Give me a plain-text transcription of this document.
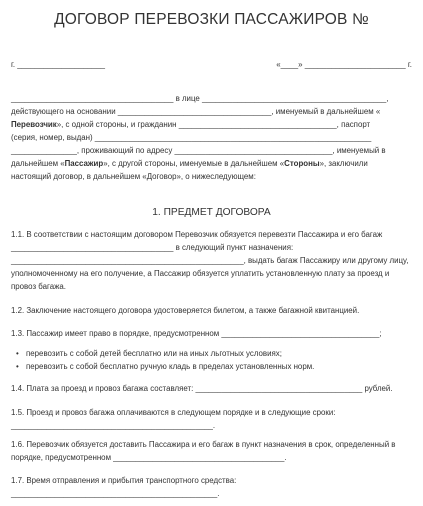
ДОГОВОР ПЕРЕВОЗКИ ПАССАЖИРОВ №
г. ____________________	«____» _______________________ г.
_____________________________________ в лице __________________________________________,
действующего на основании ___________________________________, именуемый в дальнейшем «
Перевозчик», с одной стороны, и гражданин ____________________________________, паспорт
(серия, номер, выдан) _______________________________________________________________
_______________, проживающий по адресу ____________________________________, именуемый в
дальнейшем «Пассажир», с другой стороны, именуемые в дальнейшем «Стороны», заключили
настоящий договор, в дальнейшем «Договор», о нижеследующем:
1. ПРЕДМЕТ ДОГОВОРА
1.1. В соответствии с настоящим договором Перевозчик обязуется перевезти Пассажира и его багаж
_____________________________________ в следующий пункт назначения:
_____________________________________________________, выдать багаж Пассажиру или другому лицу,
уполномоченному на его получение, а Пассажир обязуется уплатить установленную плату за проезд и
провоз багажа.
1.2. Заключение настоящего договора удостоверяется билетом, а также багажной квитанцией.
1.3. Пассажир имеет право в порядке, предусмотренном ____________________________________;
• перевозить с собой детей бесплатно или на иных льготных условиях;
• перевозить с собой бесплатно ручную кладь в пределах установленных норм.
1.4. Плата за проезд и провоз багажа составляет: ______________________________________ рублей.
1.5. Проезд и провоз багажа оплачиваются в следующем порядке и в следующие сроки:
______________________________________________.
1.6. Перевозчик обязуется доставить Пассажира и его багаж в пункт назначения в срок, определенный в
порядке, предусмотренном _______________________________________.
1.7. Время отправления и прибытия транспортного средства:
_______________________________________________.
